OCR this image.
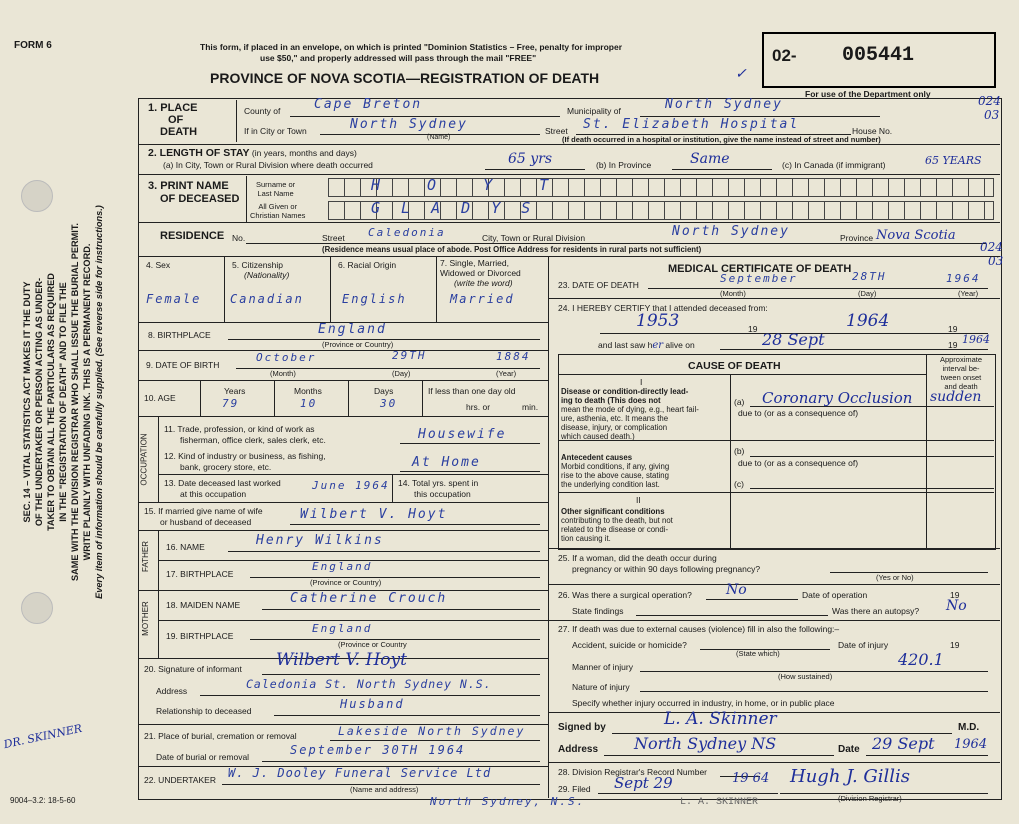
FORM 6
9004–3.2: 18-5-60
DR. SKINNER
SEC. 14 – VITAL STATISTICS ACT MAKES IT THE DUTY OF THE UNDERTAKER OR PERSON ACTING AS UNDER- TAKER TO OBTAIN ALL THE PARTICULARS AS REQUIRED IN THE "REGISTRATION OF DEATH" AND TO FILE THE SAME WITH THE DIVISION REGISTRAR WHO SHALL ISSUE THE BURIAL PERMIT. WRITE PLAINLY WITH UNFADING INK. THIS IS A PERMANENT RECORD. Every item of information should be carefully supplied. (See reverse side for instructions.)
This form, if placed in an envelope, on which is printed "Dominion Statistics – Free, penalty for improper
use $50," and properly addressed will pass through the mail "FREE"
PROVINCE OF NOVA SCOTIA—REGISTRATION OF DEATH	✓
02- 005441
For use of the Department only
1. PLACE
OF
DEATH
County of	Cape Breton	Municipality of	North Sydney	024
03
If in City or Town	North Sydney
(Name)
Street St. Elizabeth Hospital	House No.
(If death occurred in a hospital or institution, give the name instead of street and number)
2. LENGTH OF STAY (in years, months and days)
(a) In City, Town or Rural Division where death occurred	65 yrs	(b) In Province	Same	(c) In Canada (if immigrant)	65 YEARS
3. PRINT NAME
OF DECEASED
Surname or
Last Name
All Given or
Christian Names
H O Y T
G L A D Y S
RESIDENCE No.	Street Caledonia	City, Town or Rural Division	North Sydney	Province Nova Scotia
(Residence means usual place of abode. Post Office Address for residents in rural parts not sufficient)	024
03
4. Sex	5. Citizenship
(Nationality)
6. Racial Origin	7. Single, Married,
Widowed or Divorced
(write the word)
Female Canadian	English	Married
8. BIRTHPLACE	England
(Province or Country)
9. DATE OF BIRTH
October	29TH	1884
(Month)	(Day)	(Year)
10. AGE
Years	Months	Days	If less than one day old
hrs. or	min.
79	10	30
OCCUPATION
11. Trade, profession, or kind of work as
fisherman, office clerk, sales clerk, etc.	Housewife
12. Kind of industry or business, as fishing,
bank, grocery store, etc.	At Home
13. Date deceased last worked
at this occupation
June 1964 14. Total yrs. spent in
this occupation
15. If married give name of wife
or husband of deceased	Wilbert V. Hoyt
FATHER 16. NAME	Henry Wilkins
17. BIRTHPLACE
England
(Province or Country)
MOTHER 18. MAIDEN NAME	Catherine Crouch
19. BIRTHPLACE
England
(Province or Country
20. Signature of informant Wilbert V. Hoyt
Address	Caledonia St. North Sydney N.S.
Relationship to deceased	Husband
21. Place of burial, cremation or removal	Lakeside North Sydney
Date of burial or removal	September 30TH 1964
22. UNDERTAKER W. J. Dooley Funeral Service Ltd
(Name and address)
North Sydney, N.S.
MEDICAL CERTIFICATE OF DEATH
23. DATE OF DEATH	September	28TH	1964
(Month)	(Day)	(Year)
24. I HEREBY CERTIFY that I attended deceased from:
1953	19	1964	19
and last saw her alive on	28 Sept	19 1964
CAUSE OF DEATH
Approximate
interval be-
tween onset
and death
I
Disease or condition-directly lead-
ing to death (This does not
mean the mode of dying, e.g., heart fail-
ure, asthenia, etc. It means the
disease, injury, or complication
which caused death.)
(a) Coronary Occlusion sudden
due to (or as a consequence of)
Antecedent causes
Morbid conditions, if any, giving
rise to the above cause, stating
the underlying condition last.
(b)
due to (or as a consequence of)
(c)
II
Other significant conditions
contributing to the death, but not
related to the disease or condi-
tion causing it.
25. If a woman, did the death occur during
pregnancy or within 90 days following pregnancy?
(Yes or No)
26. Was there a surgical operation? No	Date of operation	19
State findings	Was there an autopsy? No
27. If death was due to external causes (violence) fill in also the following:–
Accident, suicide or homicide?	Date of injury	19
(State which)
Manner of injury	420.1
(How sustained)
Nature of injury
Specify whether injury occurred in industry, in home, or in public place
Signed by	L. A. Skinner	M.D.
Address North Sydney NS	Date 29 Sept 1964
28. Division Registrar's Record Number
29. Filed Sept 29	19 64 Hugh J. Gillis
(Division Registrar)
L. A. SKINNER
